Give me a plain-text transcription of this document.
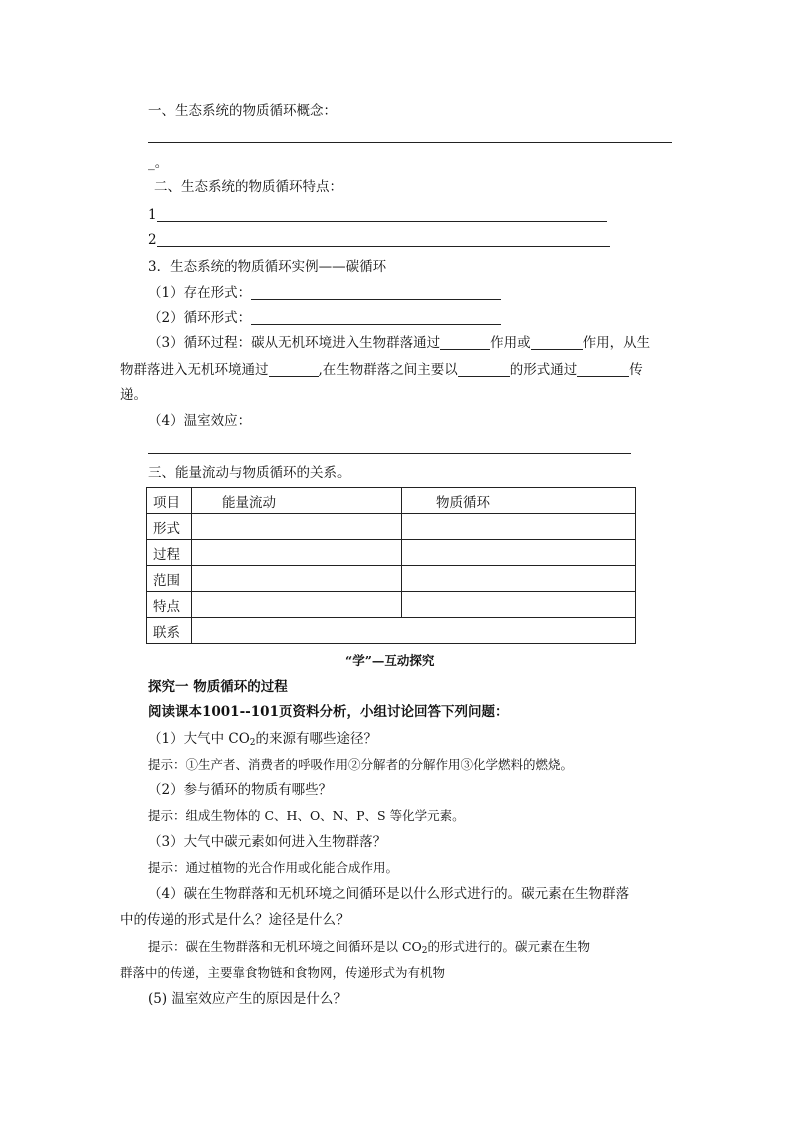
一、生态系统的物质循环概念：
_。
二、生态系统的物质循环特点：
1
2
3．生态系统的物质循环实例——碳循环
（1）存在形式：
（2）循环形式：
（3）循环过程：碳从无机环境进入生物群落通过	作用或	作用，从生
物群落进入无机环境通过	,在生物群落之间主要以	的形式通过	传
递。
（4）温室效应：
三、能量流动与物质循环的关系。
项目	能量流动	物质循环
形式		
过程		
范围		
特点		
联系		
“学”—互动探究
探究一 物质循环的过程
阅读课本1001--101页资料分析，小组讨论回答下列问题：
（1）大气中 $CO_2$的来源有哪些途径？
提示：①生产者、消费者的呼吸作用②分解者的分解作用③化学燃料的燃烧。
（2）参与循环的物质有哪些？
提示：组成生物体的 C、H、O、N、P、S 等化学元素。
（3）大气中碳元素如何进入生物群落？
提示：通过植物的光合作用或化能合成作用。
（4）碳在生物群落和无机环境之间循环是以什么形式进行的。碳元素在生物群落
中的传递的形式是什么？途径是什么？
提示：碳在生物群落和无机环境之间循环是以 $CO_2$的形式进行的。碳元素在生物
群落中的传递，主要靠食物链和食物网，传递形式为有机物
(5) 温室效应产生的原因是什么？
